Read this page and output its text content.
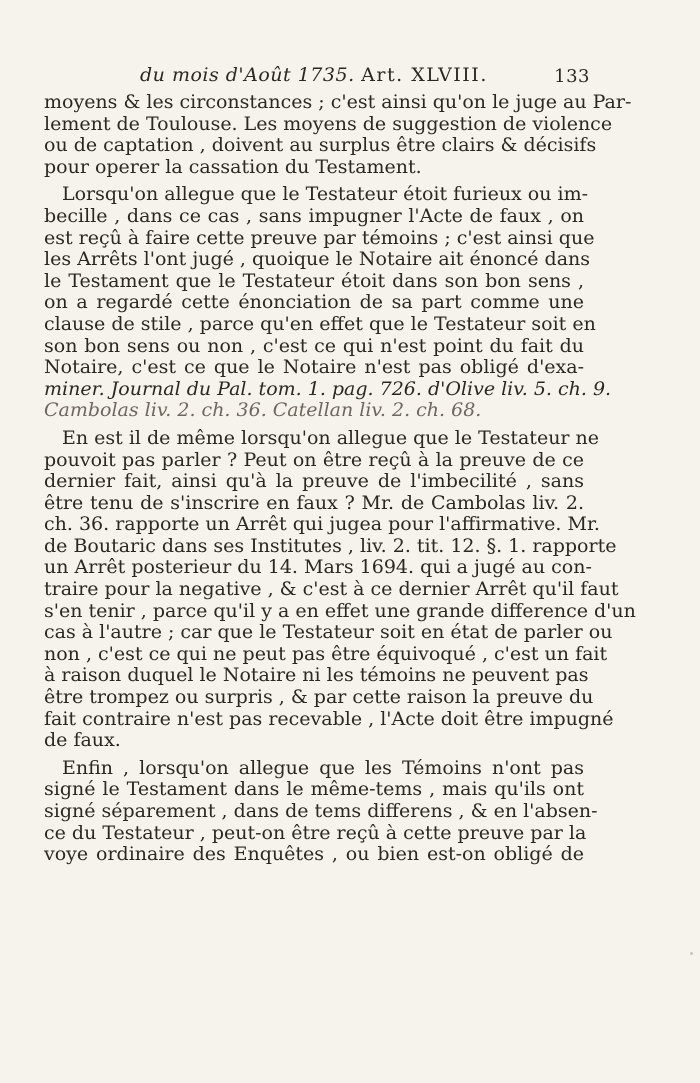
du mois d'Août 1735. Art. XLVIII.	133
moyens & les circonstances ; c'est ainsi qu'on le juge au Par-
lement de Toulouse. Les moyens de suggestion de violence
ou de captation , doivent au surplus être clairs & décisifs
pour operer la cassation du Testament.
Lorsqu'on allegue que le Testateur étoit furieux ou im-
becille , dans ce cas , sans impugner l'Acte de faux , on
est reçû à faire cette preuve par témoins ; c'est ainsi que
les Arrêts l'ont jugé , quoique le Notaire ait énoncé dans
le Testament que le Testateur étoit dans son bon sens ,
on a regardé cette énonciation de sa part comme une
clause de stile , parce qu'en effet que le Testateur soit en
son bon sens ou non , c'est ce qui n'est point du fait du
Notaire, c'est ce que le Notaire n'est pas obligé d'exa-
miner. Journal du Pal. tom. 1. pag. 726. d'Olive liv. 5. ch. 9.
Cambolas liv. 2. ch. 36. Catellan liv. 2. ch. 68.
En est il de même lorsqu'on allegue que le Testateur ne
pouvoit pas parler ? Peut on être reçû à la preuve de ce
dernier fait, ainsi qu'à la preuve de l'imbecilité , sans
être tenu de s'inscrire en faux ? Mr. de Cambolas liv. 2.
ch. 36. rapporte un Arrêt qui jugea pour l'affirmative. Mr.
de Boutaric dans ses Institutes , liv. 2. tit. 12. §. 1. rapporte
un Arrêt posterieur du 14. Mars 1694. qui a jugé au con-
traire pour la negative , & c'est à ce dernier Arrêt qu'il faut
s'en tenir , parce qu'il y a en effet une grande difference d'un
cas à l'autre ; car que le Testateur soit en état de parler ou
non , c'est ce qui ne peut pas être équivoqué , c'est un fait
à raison duquel le Notaire ni les témoins ne peuvent pas
être trompez ou surpris , & par cette raison la preuve du
fait contraire n'est pas recevable , l'Acte doit être impugné
de faux.
Enfin , lorsqu'on allegue que les Témoins n'ont pas
signé le Testament dans le même-tems , mais qu'ils ont
signé séparement , dans de tems differens , & en l'absen-
ce du Testateur , peut-on être reçû à cette preuve par la
voye ordinaire des Enquêtes , ou bien est-on obligé de
